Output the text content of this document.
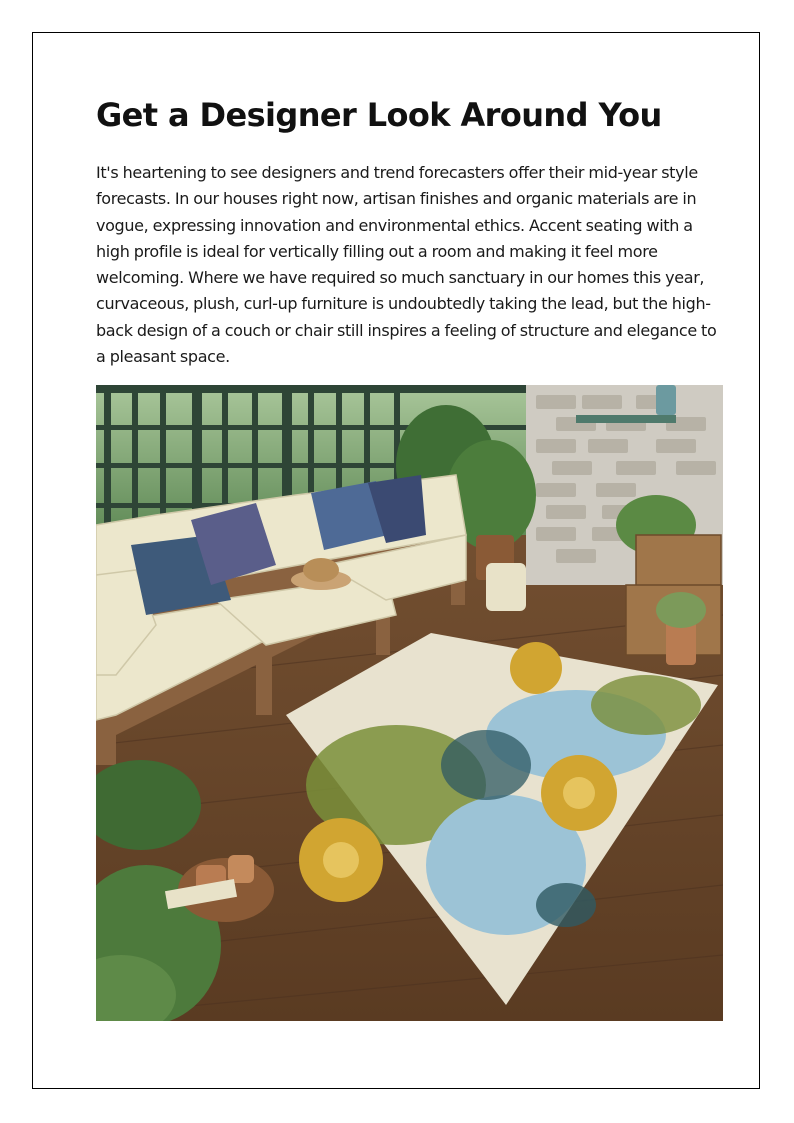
Get a Designer Look Around You

It's heartening to see designers and trend forecasters offer their mid-year style forecasts. In our houses right now, artisan finishes and organic materials are in vogue, expressing innovation and environmental ethics. Accent seating with a high profile is ideal for vertically filling out a room and making it feel more welcoming. Where we have required so much sanctuary in our homes this year, curvaceous, plush, curl-up furniture is undoubtedly taking the lead, but the high-back design of a couch or chair still inspires a feeling of structure and elegance to a pleasant space.
